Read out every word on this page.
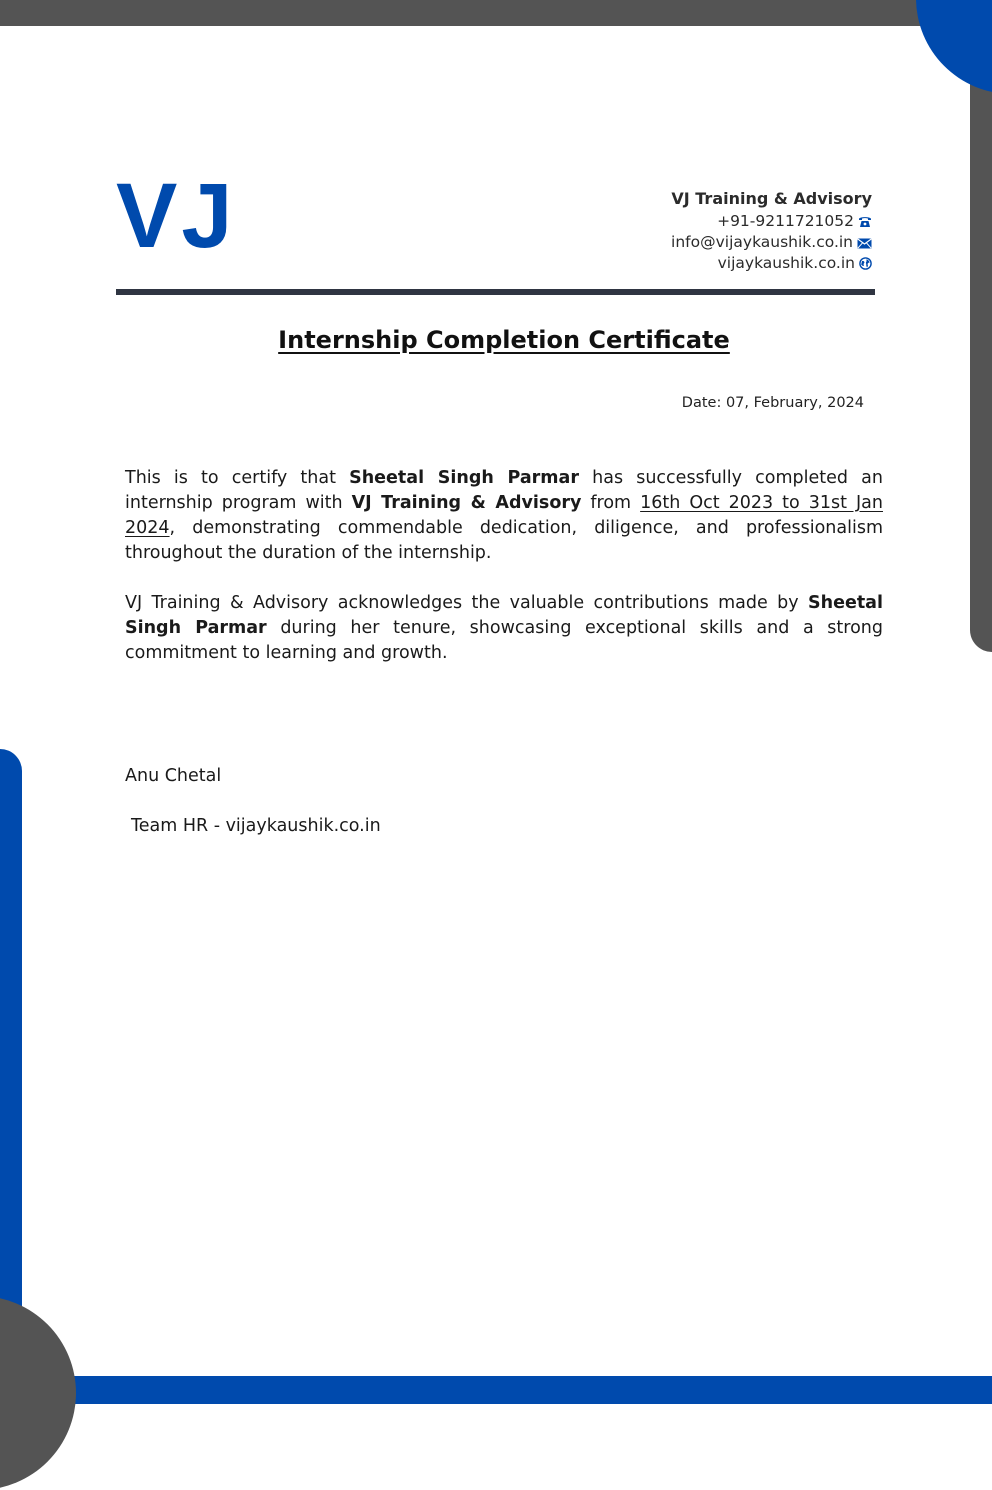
VJ	VJ Training & Advisory
+91-9211721052
info@vijaykaushik.co.in
vijaykaushik.co.in
Internship Completion Certificate
Date: 07, February, 2024

This is to certify that Sheetal Singh Parmar has successfully completed an internship program with VJ Training & Advisory from 16th Oct 2023 to 31st Jan 2024, demonstrating commendable dedication, diligence, and professionalism throughout the duration of the internship.

VJ Training & Advisory acknowledges the valuable contributions made by Sheetal Singh Parmar during her tenure, showcasing exceptional skills and a strong commitment to learning and growth.

Anu Chetal
Team HR - vijaykaushik.co.in
